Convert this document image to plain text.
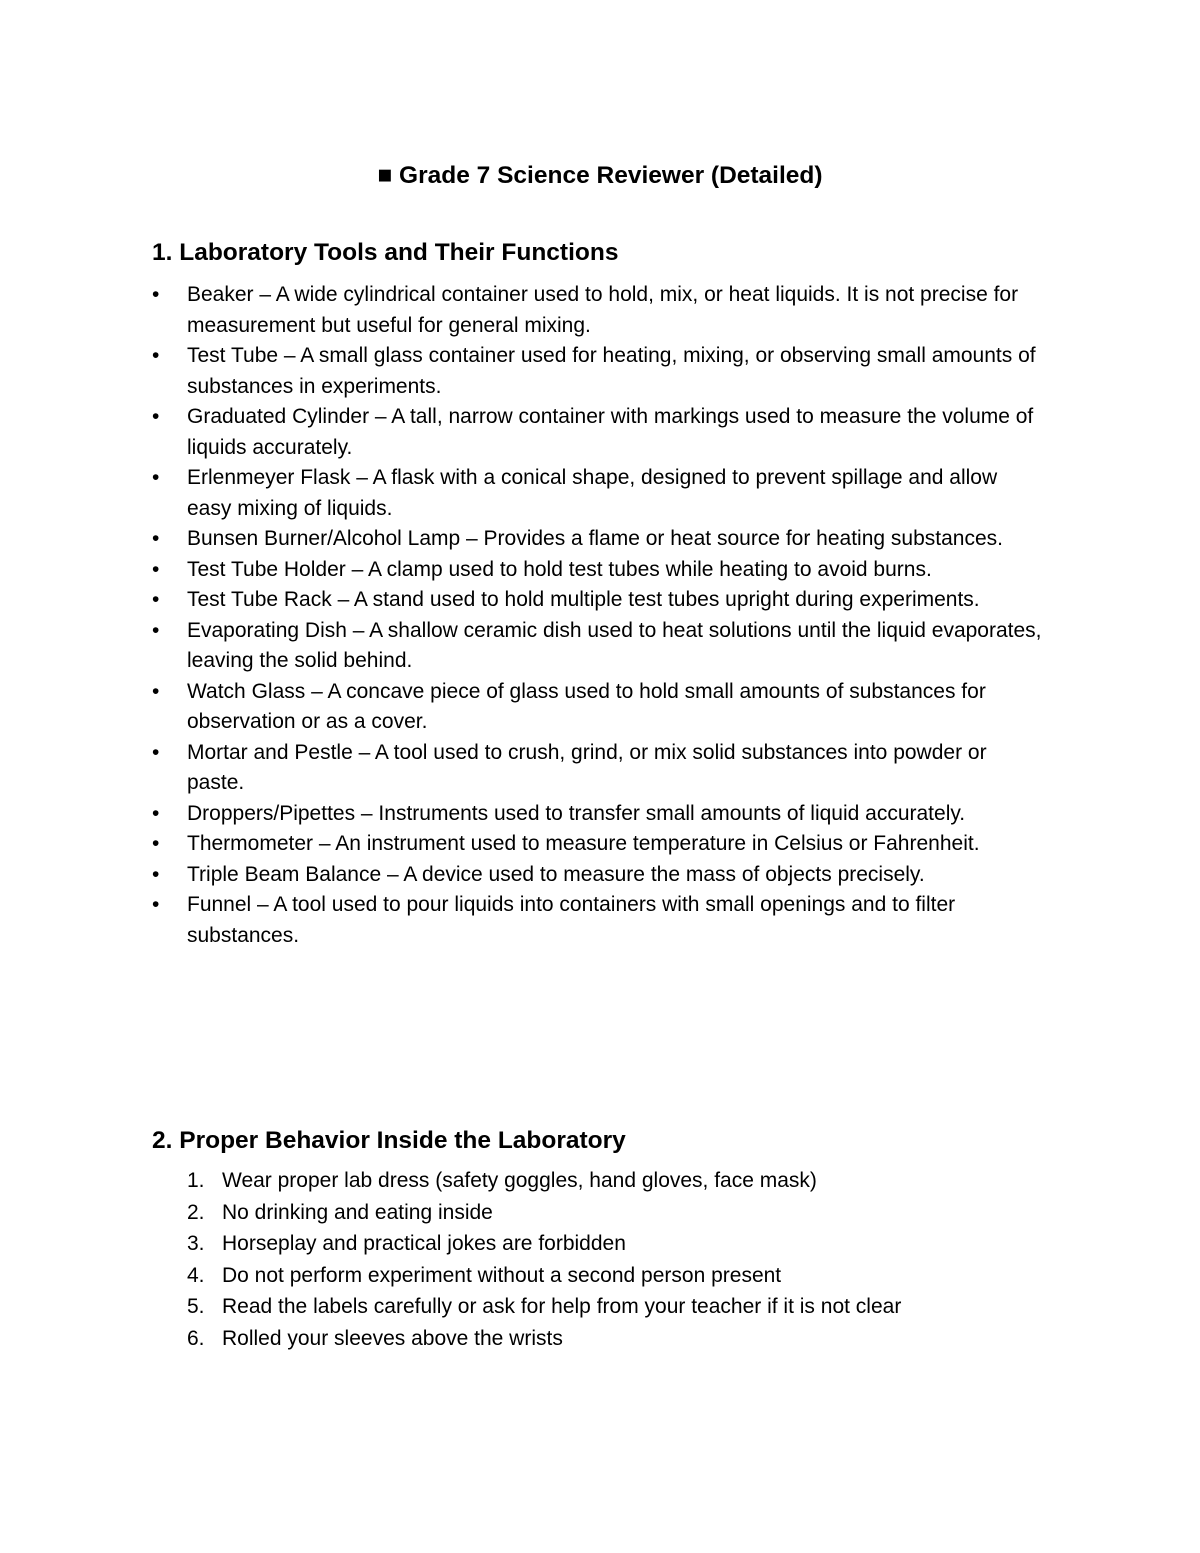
■ Grade 7 Science Reviewer (Detailed)
1. Laboratory Tools and Their Functions
• Beaker – A wide cylindrical container used to hold, mix, or heat liquids. It is not precise for measurement but useful for general mixing.
• Test Tube – A small glass container used for heating, mixing, or observing small amounts of substances in experiments.
• Graduated Cylinder – A tall, narrow container with markings used to measure the volume of liquids accurately.
• Erlenmeyer Flask – A flask with a conical shape, designed to prevent spillage and allow easy mixing of liquids.
• Bunsen Burner/Alcohol Lamp – Provides a flame or heat source for heating substances.
• Test Tube Holder – A clamp used to hold test tubes while heating to avoid burns.
• Test Tube Rack – A stand used to hold multiple test tubes upright during experiments.
• Evaporating Dish – A shallow ceramic dish used to heat solutions until the liquid evaporates, leaving the solid behind.
• Watch Glass – A concave piece of glass used to hold small amounts of substances for observation or as a cover.
• Mortar and Pestle – A tool used to crush, grind, or mix solid substances into powder or paste.
• Droppers/Pipettes – Instruments used to transfer small amounts of liquid accurately.
• Thermometer – An instrument used to measure temperature in Celsius or Fahrenheit.
• Triple Beam Balance – A device used to measure the mass of objects precisely.
• Funnel – A tool used to pour liquids into containers with small openings and to filter substances.
2. Proper Behavior Inside the Laboratory
1. Wear proper lab dress (safety goggles, hand gloves, face mask)
2. No drinking and eating inside
3. Horseplay and practical jokes are forbidden
4. Do not perform experiment without a second person present
5. Read the labels carefully or ask for help from your teacher if it is not clear
6. Rolled your sleeves above the wrists
